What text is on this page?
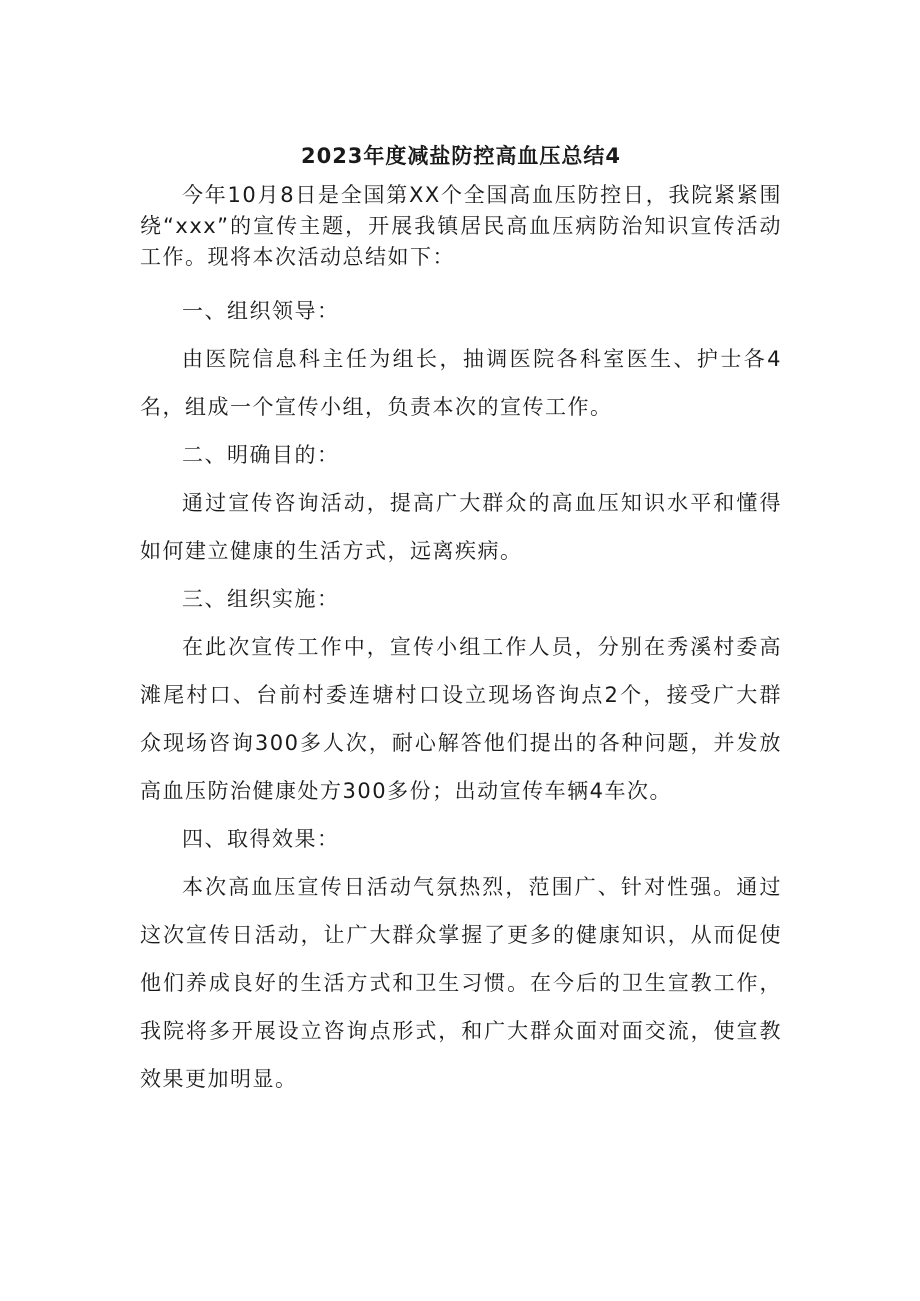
2023年度减盐防控高血压总结4

今年10月8日是全国第XX个全国高血压防控日，我院紧紧围绕“xxx”的宣传主题，开展我镇居民高血压病防治知识宣传活动工作。现将本次活动总结如下：

一、组织领导：

由医院信息科主任为组长，抽调医院各科室医生、护士各4名，组成一个宣传小组，负责本次的宣传工作。

二、明确目的：

通过宣传咨询活动，提高广大群众的高血压知识水平和懂得如何建立健康的生活方式，远离疾病。

三、组织实施：

在此次宣传工作中，宣传小组工作人员，分别在秀溪村委高滩尾村口、台前村委连塘村口设立现场咨询点2个，接受广大群众现场咨询300多人次，耐心解答他们提出的各种问题，并发放高血压防治健康处方300多份；出动宣传车辆4车次。

四、取得效果：

本次高血压宣传日活动气氛热烈，范围广、针对性强。通过这次宣传日活动，让广大群众掌握了更多的健康知识，从而促使他们养成良好的生活方式和卫生习惯。在今后的卫生宣教工作，我院将多开展设立咨询点形式，和广大群众面对面交流，使宣教效果更加明显。
